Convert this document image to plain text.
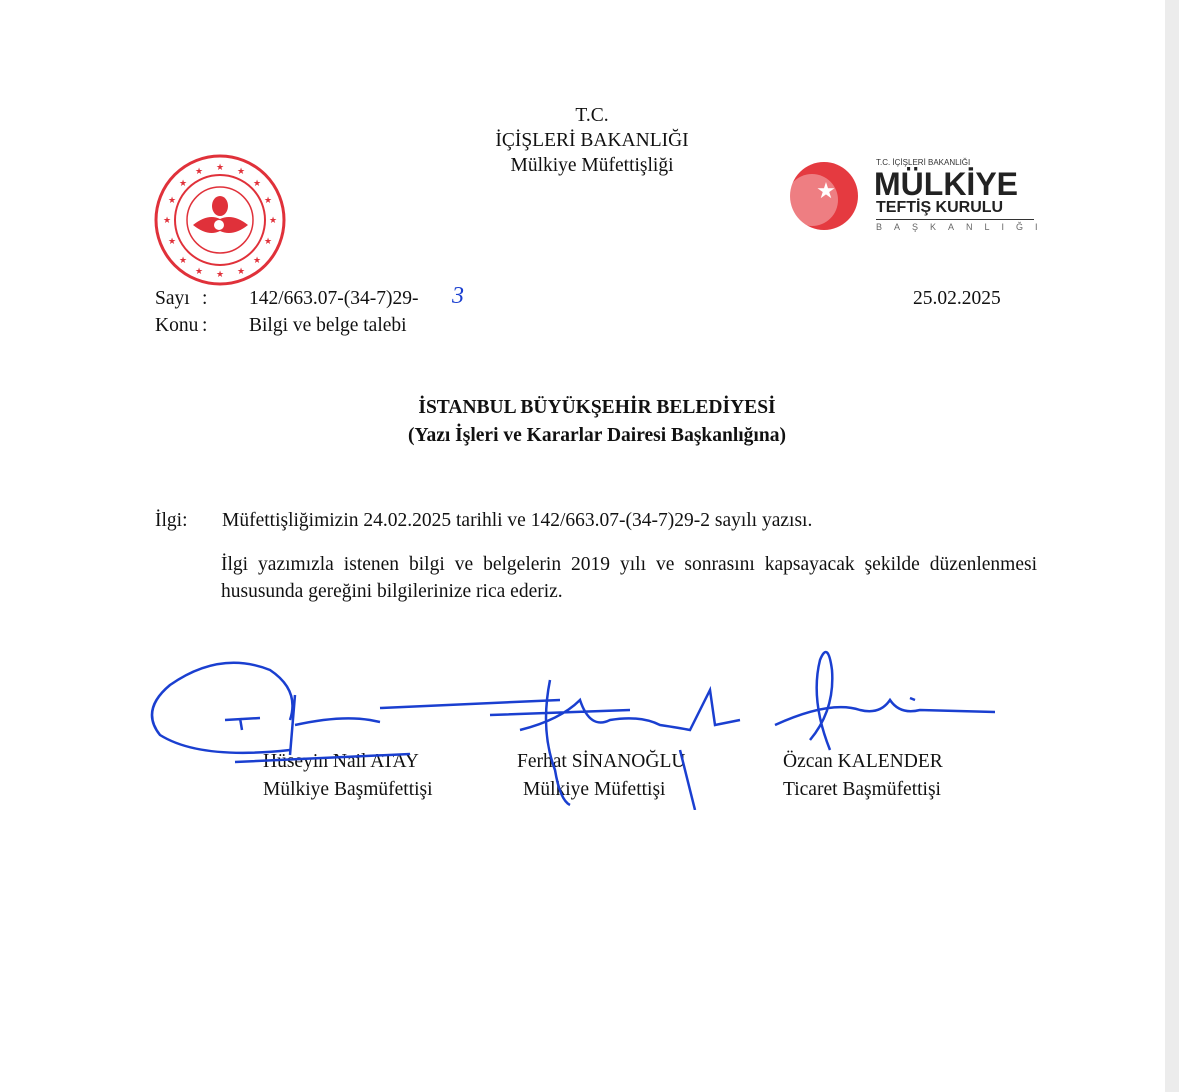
T.C.
İÇİŞLERİ BAKANLIĞI
Mülkiye Müfettişliği
★
★
★	★
★	★
★	★
★	★
★	★
★	★
★	★
★
T.C. İÇİŞLERİ BAKANLIĞI
MÜLKİYE
TEFTİŞ KURULU
BAŞKANLIĞI
Sayı : 142/663.07-(34-7)29- 3
Konu : Bilgi ve belge talebi
25.02.2025
İSTANBUL BÜYÜKŞEHİR BELEDİYESİ
(Yazı İşleri ve Kararlar Dairesi Başkanlığına)
İlgi: Müfettişliğimizin 24.02.2025 tarihli ve 142/663.07-(34-7)29-2 sayılı yazısı.
İlgi yazımızla istenen bilgi ve belgelerin 2019 yılı ve sonrasını kapsayacak şekilde düzenlenmesi hususunda gereğini bilgilerinize rica ederiz.
Hüseyin Nail ATAY
Mülkiye Başmüfettişi
Ferhat SİNANOĞLU
Mülkiye Müfettişi
Özcan KALENDER
Ticaret Başmüfettişi
